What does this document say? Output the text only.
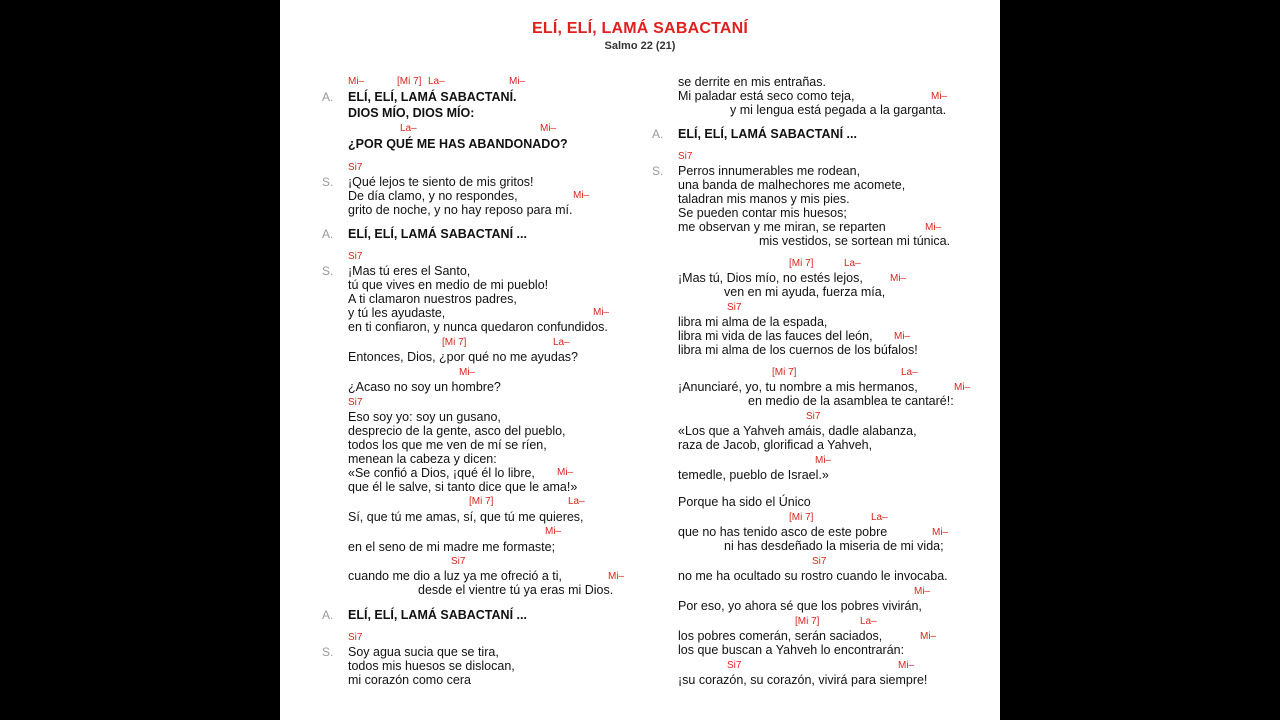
ELÍ, ELÍ, LAMÁ SABACTANÍ
Salmo 22 (21)
Mi–	[Mi 7] La–	Mi–
A. ELÍ, ELÍ, LAMÁ SABACTANÍ.
DIOS MÍO, DIOS MÍO:
La–	Mi–
¿POR QUÉ ME HAS ABANDONADO?
Si7
S. ¡Qué lejos te siento de mis gritos!
De día clamo, y no respondes,	Mi–
grito de noche, y no hay reposo para mí.
A. ELÍ, ELÍ, LAMÁ SABACTANÍ ...
Si7
S. ¡Mas tú eres el Santo,
tú que vives en medio de mi pueblo!
A ti clamaron nuestros padres,
y tú les ayudaste,	Mi–
en ti confiaron, y nunca quedaron confundidos.
[Mi 7]	La–
Entonces, Dios, ¿por qué no me ayudas?
Mi–
¿Acaso no soy un hombre?
Si7
Eso soy yo: soy un gusano,
desprecio de la gente, asco del pueblo,
todos los que me ven de mí se ríen,
menean la cabeza y dicen:
«Se confió a Dios, ¡qué él lo libre, Mi–
que él le salve, si tanto dice que le ama!»
[Mi 7]	La–
Sí, que tú me amas, sí, que tú me quieres,
Mi–
en el seno de mi madre me formaste;
Si7
cuando me dio a luz ya me ofreció a ti,	Mi–
desde el vientre tú ya eras mi Dios.
A. ELÍ, ELÍ, LAMÁ SABACTANÍ ...
Si7
S. Soy agua sucia que se tira,
todos mis huesos se dislocan,
mi corazón como cera
se derrite en mis entrañas.
Mi paladar está seco como teja,	Mi–
y mi lengua está pegada a la garganta.
A. ELÍ, ELÍ, LAMÁ SABACTANÍ ...
Si7
S. Perros innumerables me rodean,
una banda de malhechores me acomete,
taladran mis manos y mis pies.
Se pueden contar mis huesos;
me observan y me miran, se reparten	Mi–
mis vestidos, se sortean mi túnica.
[Mi 7]	La–
¡Mas tú, Dios mío, no estés lejos,	Mi–
ven en mi ayuda, fuerza mía,
Si7
libra mi alma de la espada,
libra mi vida de las fauces del león, Mi–
libra mi alma de los cuernos de los búfalos!
[Mi 7]	La–
¡Anunciaré, yo, tu nombre a mis hermanos,	Mi–
en medio de la asamblea te cantaré!:
Si7
«Los que a Yahveh amáis, dadle alabanza,
raza de Jacob, glorificad a Yahveh,
Mi–
temedle, pueblo de Israel.»
Porque ha sido el Único
[Mi 7]	La–
que no has tenido asco de este pobre	Mi–
ni has desdeñado la miseria de mi vida;
Si7
no me ha ocultado su rostro cuando le invocaba.
Mi–
Por eso, yo ahora sé que los pobres vivirán,
[Mi 7]	La–
los pobres comerán, serán saciados,	Mi–
los que buscan a Yahveh lo encontrarán:
Si7	Mi–
¡su corazón, su corazón, vivirá para siempre!
